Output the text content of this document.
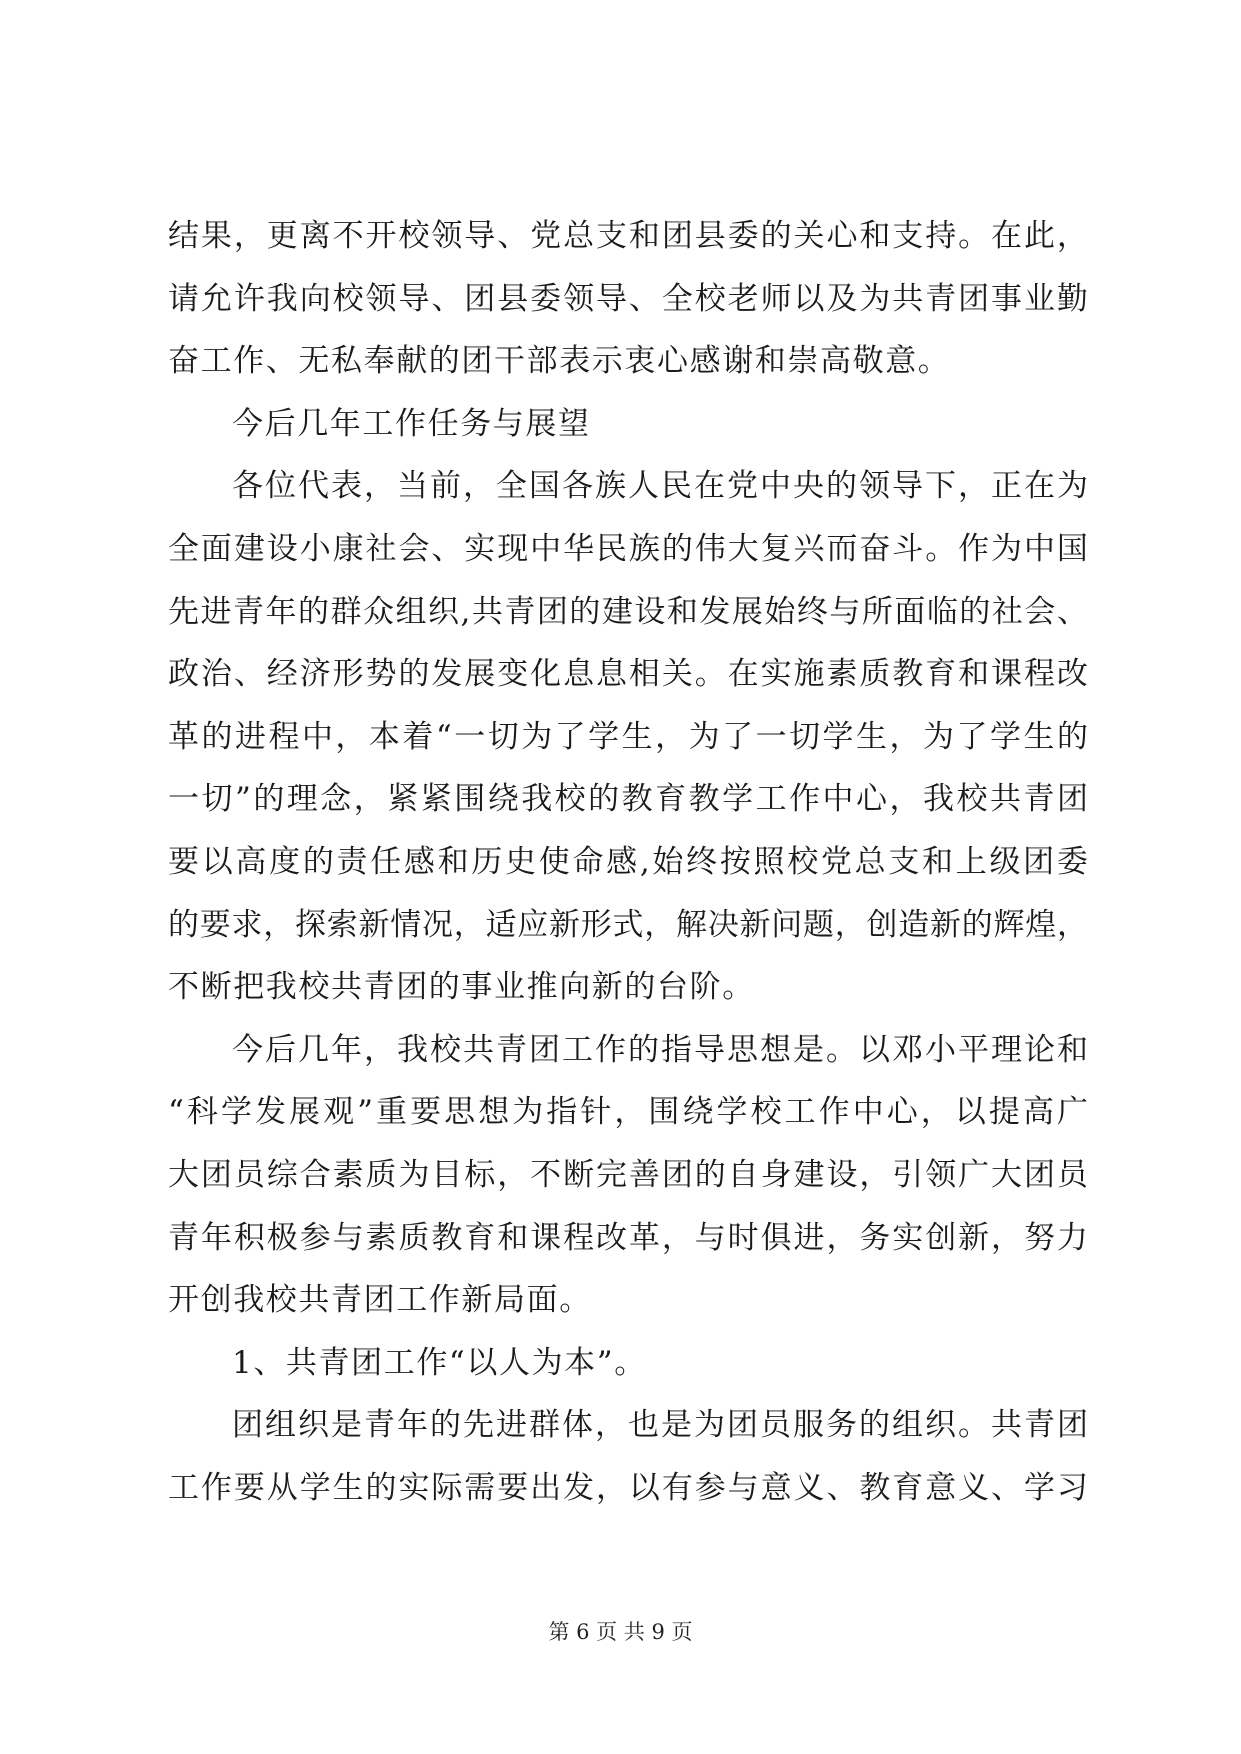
结 果 ， 更 离 不 开 校 领 导 、 党 总 支 和 团 县 委 的 关 心 和 支 持 。 在 此 ，
请 允 许 我 向 校 领 导 、 团 县 委 领 导 、 全 校 老 师 以 及 为 共 青 团 事 业 勤
奋工作、无私奉献的团干部表示衷心感谢和崇高敬意。
今后几年工作任务与展望
各 位 代 表 ， 当 前 ， 全 国 各 族 人 民 在 党 中 央 的 领 导 下 ， 正 在 为
全 面 建 设 小 康 社 会 、 实 现 中 华 民 族 的 伟 大 复 兴 而 奋 斗 。 作 为 中 国
先 进 青 年 的 群 众 组 织 , 共 青 团 的 建 设 和 发 展 始 终 与 所 面 临 的 社 会 、
政 治 、 经 济 形 势 的 发 展 变 化 息 息 相 关 。 在 实 施 素 质 教 育 和 课 程 改
革 的 进 程 中 ， 本 着 “ 一 切 为 了 学 生 ， 为 了 一 切 学 生 ， 为 了 学 生 的
一 切 ” 的 理 念 ， 紧 紧 围 绕 我 校 的 教 育 教 学 工 作 中 心 ， 我 校 共 青 团
要 以 高 度 的 责 任 感 和 历 史 使 命 感 , 始 终 按 照 校 党 总 支 和 上 级 团 委
的 要 求 ， 探 索 新 情 况 ， 适 应 新 形 式 ， 解 决 新 问 题 ， 创 造 新 的 辉 煌 ，
不断把我校共青团的事业推向新的台阶。
今 后 几 年 ， 我 校 共 青 团 工 作 的 指 导 思 想 是 。 以 邓 小 平 理 论 和
“ 科 学 发 展 观 ” 重 要 思 想 为 指 针 ， 围 绕 学 校 工 作 中 心 ， 以 提 高 广
大 团 员 综 合 素 质 为 目 标 ， 不 断 完 善 团 的 自 身 建 设 ， 引 领 广 大 团 员
青 年 积 极 参 与 素 质 教 育 和 课 程 改 革 ， 与 时 俱 进 ， 务 实 创 新 ， 努 力
开创我校共青团工作新局面。
1、共青团工作“以人为本”。
团 组 织 是 青 年 的 先 进 群 体 ， 也 是 为 团 员 服 务 的 组 织 。 共 青 团
工 作 要 从 学 生 的 实 际 需 要 出 发 ， 以 有 参 与 意 义 、 教 育 意 义 、 学 习
第 6 页 共 9 页
